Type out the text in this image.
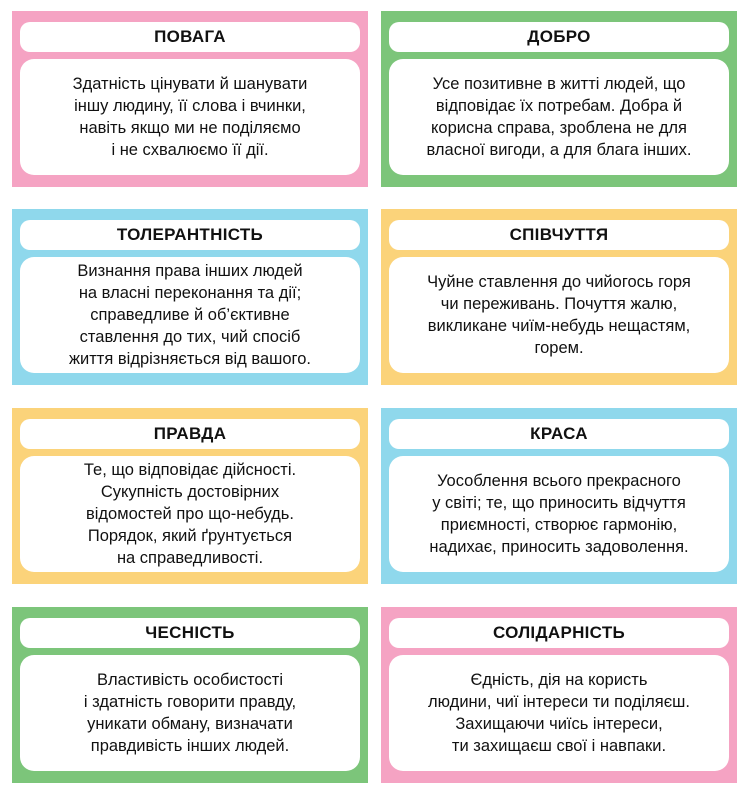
ПОВАГА

Здатність цінувати й шанувати
іншу людину, її слова і вчинки,
навіть якщо ми не поділяємо
і не схвалюємо її дії.

ДОБРО

Усе позитивне в житті людей, що
відповідає їх потребам. Добра й
корисна справа, зроблена не для
власної вигоди, а для блага інших.

ТОЛЕРАНТНІСТЬ

Визнання права інших людей
на власні переконання та дії;
справедливе й об’єктивне
ставлення до тих, чий спосіб
життя відрізняється від вашого.

СПІВЧУТТЯ

Чуйне ставлення до чийогось горя
чи переживань. Почуття жалю,
викликане чиїм-небудь нещастям,
горем.

ПРАВДА

Те, що відповідає дійсності.
Сукупність достовірних
відомостей про що-небудь.
Порядок, який ґрунтується
на справедливості.

КРАСА

Уособлення всього прекрасного
у світі; те, що приносить відчуття
приємності, створює гармонію,
надихає, приносить задоволення.

ЧЕСНІСТЬ

Властивість особистості
і здатність говорити правду,
уникати обману, визначати
правдивість інших людей.

СОЛІДАРНІСТЬ

Єдність, дія на користь
людини, чиї інтереси ти поділяєш.
Захищаючи чиїсь інтереси,
ти захищаєш свої і навпаки.
